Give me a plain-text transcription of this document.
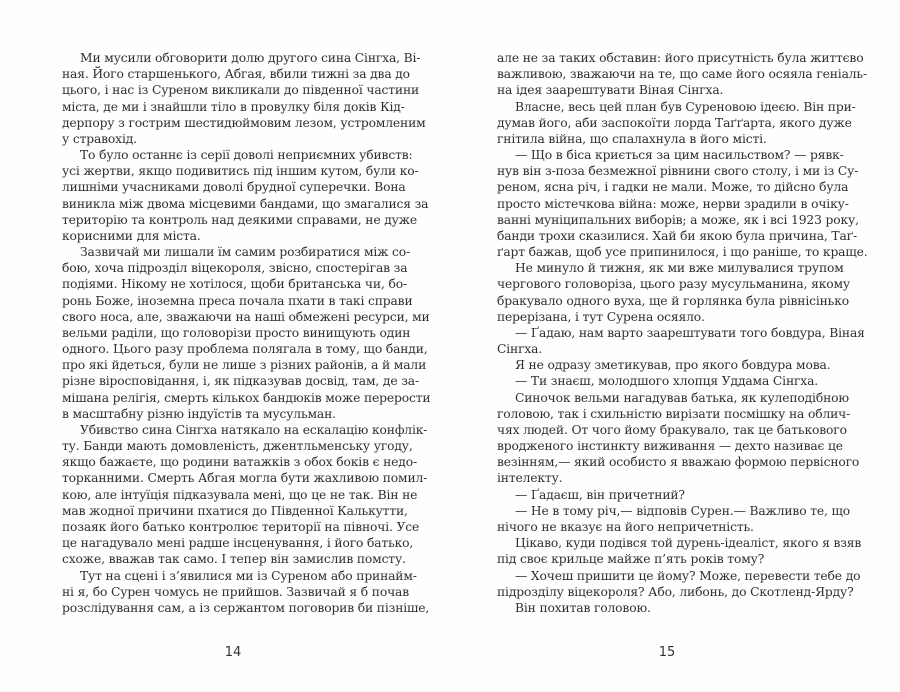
Ми мусили обговорити долю другого сина Сінгха, Ві-
ная. Його старшенького, Абгая, вбили тижні за два до
цього, і нас із Суреном викликали до південної частини
міста, де ми і знайшли тіло в провулку біля доків Кід-
дерпору з гострим шестидюймовим лезом, устромленим
у стравохід.
То було останнє із серії доволі неприємних убивств:
усі жертви, якщо подивитись під іншим кутом, були ко-
лишніми учасниками доволі брудної суперечки. Вона
виникла між двома місцевими бандами, що змагалися за
територію та контроль над деякими справами, не дуже
корисними для міста.
Зазвичай ми лишали їм самим розбиратися між со-
бою, хоча підрозділ віцекороля, звісно, спостерігав за
подіями. Нікому не хотілося, щоби британська чи, бо-
ронь Боже, іноземна преса почала пхати в такі справи
свого носа, але, зважаючи на наші обмежені ресурси, ми
вельми раділи, що головорізи просто винищують один
одного. Цього разу проблема полягала в тому, що банди,
про які йдеться, були не лише з різних районів, а й мали
різне віросповідання, і, як підказував досвід, там, де за-
мішана релігія, смерть кількох бандюків може перерости
в масштабну різню індуїстів та мусульман.
Убивство сина Сінгха натякало на ескалацію конфлік-
ту. Банди мають домовленість, джентльменську угоду,
якщо бажаєте, що родини ватажків з обох боків є недо-
торканними. Смерть Абгая могла бути жахливою помил-
кою, але інтуїція підказувала мені, що це не так. Він не
мав жодної причини пхатися до Південної Калькутти,
позаяк його батько контролює території на півночі. Усе
це нагадувало мені радше інсценування, і його батько,
схоже, вважав так само. І тепер він замислив помсту.
Тут на сцені і з’явилися ми із Суреном або принайм-
ні я, бо Сурен чомусь не прийшов. Зазвичай я б почав
розслідування сам, а із сержантом поговорив би пізніше,
але не за таких обставин: його присутність була життєво
важливою, зважаючи на те, що саме його осяяла геніаль-
на ідея заарештувати Віная Сінгха.
Власне, весь цей план був Суреновою ідеєю. Він при-
думав його, аби заспокоїти лорда Таґґарта, якого дуже
гнітила війна, що спалахнула в його місті.
— Що в біса криється за цим насильством? — рявк-
нув він з-поза безмежної рівнини свого столу, і ми із Су-
реном, ясна річ, і гадки не мали. Може, то дійсно була
просто містечкова війна: може, нерви зрадили в очіку-
ванні муніципальних виборів; а може, як і всі 1923 року,
банди трохи сказилися. Хай би якою була причина, Таґ-
ґарт бажав, щоб усе припинилося, і що раніше, то краще.
Не минуло й тижня, як ми вже милувалися трупом
чергового головоріза, цього разу мусульманина, якому
бракувало одного вуха, ще й горлянка була рівнісінько
перерізана, і тут Сурена осяяло.
— Ґадаю, нам варто заарештувати того бовдура, Віная
Сінгха.
Я не одразу зметикував, про якого бовдура мова.
— Ти знаєш, молодшого хлопця Уддама Сінгха.
Синочок вельми нагадував батька, як кулеподібною
головою, так і схильністю вирізати посмішку на облич-
чях людей. От чого йому бракувало, так це батькового
вродженого інстинкту виживання — дехто називає це
везінням,— який особисто я вважаю формою первісного
інтелекту.
— Ґадаєш, він причетний?
— Не в тому річ,— відповів Сурен.— Важливо те, що
нічого не вказує на його непричетність.
Цікаво, куди подівся той дурень-ідеаліст, якого я взяв
під своє крильце майже п’ять років тому?
— Хочеш пришити це йому? Може, перевести тебе до
підрозділу віцекороля? Або, либонь, до Скотленд-Ярду?
Він похитав головою.
14	15
